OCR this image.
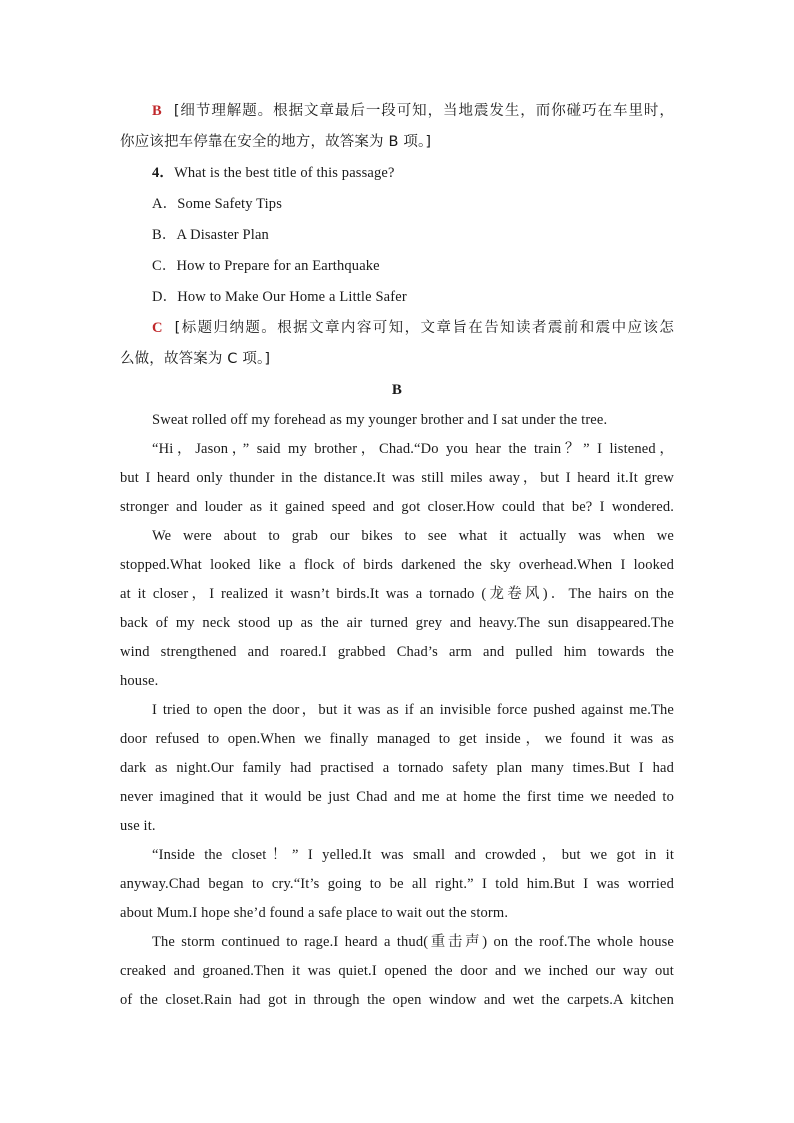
B [细节理解题。根据文章最后一段可知，当地震发生，而你碰巧在车里时，
你应该把车停靠在安全的地方，故答案为 B 项。]
4．What is the best title of this passage?
A．Some Safety Tips
B．A Disaster Plan
C．How to Prepare for an Earthquake
D．How to Make Our Home a Little Safer
C [标题归纳题。根据文章内容可知，文章旨在告知读者震前和震中应该怎
么做，故答案为 C 项。]
B
Sweat rolled off my forehead as my younger brother and I sat under the tree.
“Hi，Jason，” said my brother，Chad.“Do you hear the train？” I listened，
but I heard only thunder in the distance.It was still miles away，but I heard it.It grew
stronger and louder as it gained speed and got closer.How could that be? I wondered.
We were about to grab our bikes to see what it actually was when we
stopped.What looked like a flock of birds darkened the sky overhead.When I looked
at it closer，I realized it wasn’t birds.It was a tornado (龙卷风)．The hairs on the
back of my neck stood up as the air turned grey and heavy.The sun disappeared.The
wind strengthened and roared.I grabbed Chad’s arm and pulled him towards the
house.
I tried to open the door，but it was as if an invisible force pushed against me.The
door refused to open.When we finally managed to get inside，we found it was as
dark as night.Our family had practised a tornado safety plan many times.But I had
never imagined that it would be just Chad and me at home the first time we needed to
use it.
“Inside the closet！” I yelled.It was small and crowded，but we got in it
anyway.Chad began to cry.“It’s going to be all right.” I told him.But I was worried
about Mum.I hope she’d found a safe place to wait out the storm.
The storm continued to rage.I heard a thud(重击声) on the roof.The whole house
creaked and groaned.Then it was quiet.I opened the door and we inched our way out
of the closet.Rain had got in through the open window and wet the carpets.A kitchen
